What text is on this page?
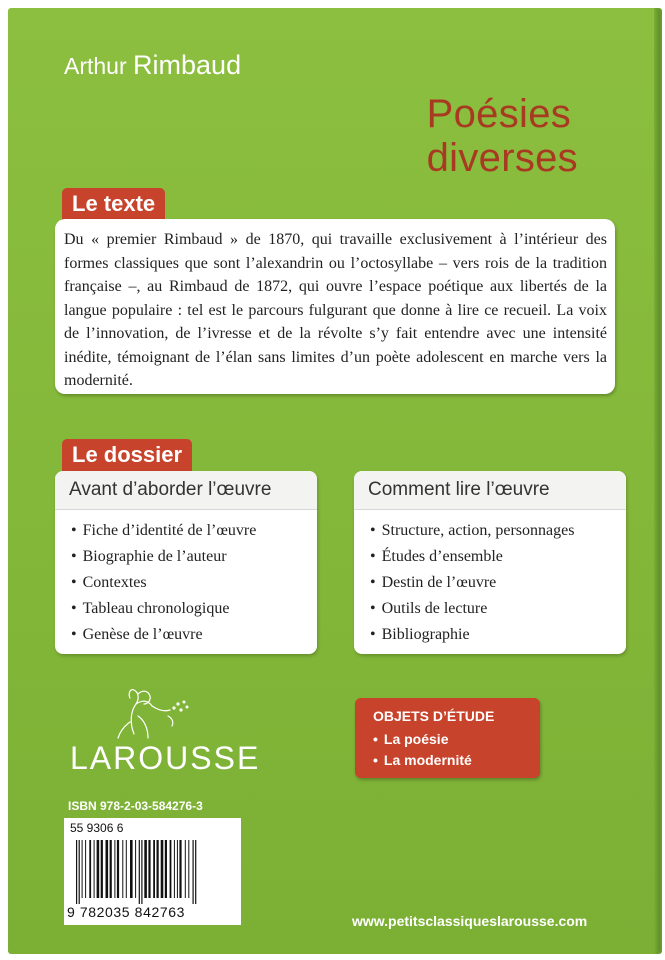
Arthur Rimbaud
Poésies
diverses
Le texte

Du « premier Rimbaud » de 1870, qui travaille exclusivement à l’intérieur des formes classiques que sont l’alexandrin ou l’octosyllabe – vers rois de la tradition française –, au Rimbaud de 1872, qui ouvre l’espace poétique aux libertés de la langue populaire : tel est le parcours fulgurant que donne à lire ce recueil. La voix de l’innovation, de l’ivresse et de la révolte s’y fait entendre avec une intensité inédite, témoignant de l’élan sans limites d’un poète adolescent en marche vers la modernité.

Le dossier
Avant d’aborder l’œuvre
• Fiche d’identité de l’œuvre
• Biographie de l’auteur
• Contextes
• Tableau chronologique
• Genèse de l’œuvre
Comment lire l’œuvre
• Structure, action, personnages
• Études d’ensemble
• Destin de l’œuvre
• Outils de lecture
• Bibliographie
OBJETS D’ÉTUDE
• La poésie
• La modernité
LAROUSSE
ISBN 978-2-03-584276-3
55 9306 6
9 782035 842763
www.petitsclassiqueslarousse.com
